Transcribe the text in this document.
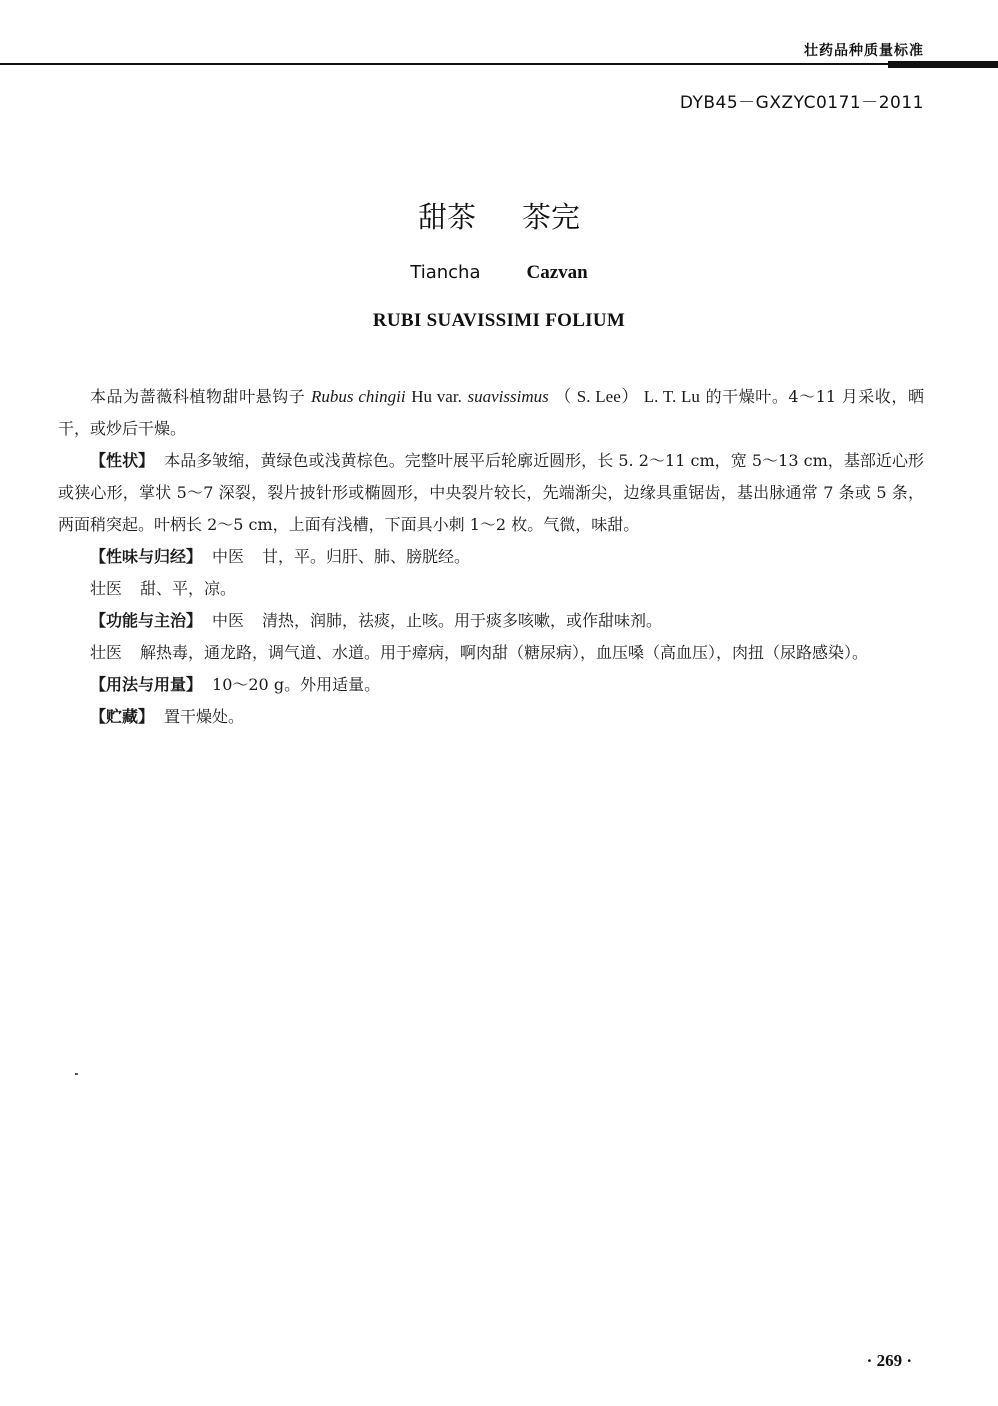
壮药品种质量标准
DYB45－GXZYC0171－2011
甜茶 茶完
Tiancha Cazvan
RUBI SUAVISSIMI FOLIUM

本品为蔷薇科植物甜叶悬钩子 Rubus chingii Hu var. suavissimus （ S. Lee） L. T. Lu 的干燥叶。4～11 月采收，晒干，或炒后干燥。

【性状】 本品多皱缩，黄绿色或浅黄棕色。完整叶展平后轮廓近圆形，长 5. 2～11 cm，宽 5～13 cm，基部近心形或狭心形，掌状 5～7 深裂，裂片披针形或椭圆形，中央裂片较长，先端渐尖，边缘具重锯齿，基出脉通常 7 条或 5 条，两面稍突起。叶柄长 2～5 cm，上面有浅槽，下面具小刺 1～2 枚。气微，味甜。

【性味与归经】 中医 甘，平。归肝、肺、膀胱经。

壮医 甜、平，凉。

【功能与主治】 中医 清热，润肺，祛痰，止咳。用于痰多咳嗽，或作甜味剂。

壮医 解热毒，通龙路，调气道、水道。用于瘴病，啊肉甜（糖尿病），血压嗓（高血压），肉扭（尿路感染）。

【用法与用量】 10～20 g。外用适量。

【贮藏】 置干燥处。

· 269 ·
